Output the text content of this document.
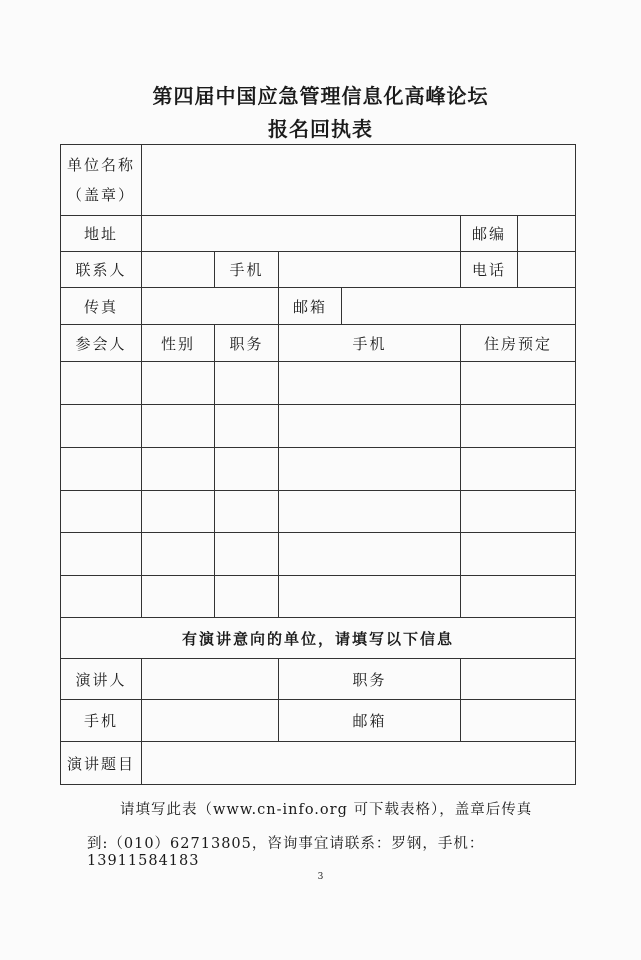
第四届中国应急管理信息化高峰论坛
报名回执表
单位名称
（盖章）						

地址					邮编	
联系人		手机			电话	
传真			邮箱			
参会人	性别	职务	手机		住房预定	

有演讲意向的单位，请填写以下信息						
演讲人			职务			
手机			邮箱			
演讲题目						
请填写此表（www.cn-info.org 可下载表格），盖章后传真
到:（010）62713805，咨询事宜请联系：罗钢，手机：13911584183
3
